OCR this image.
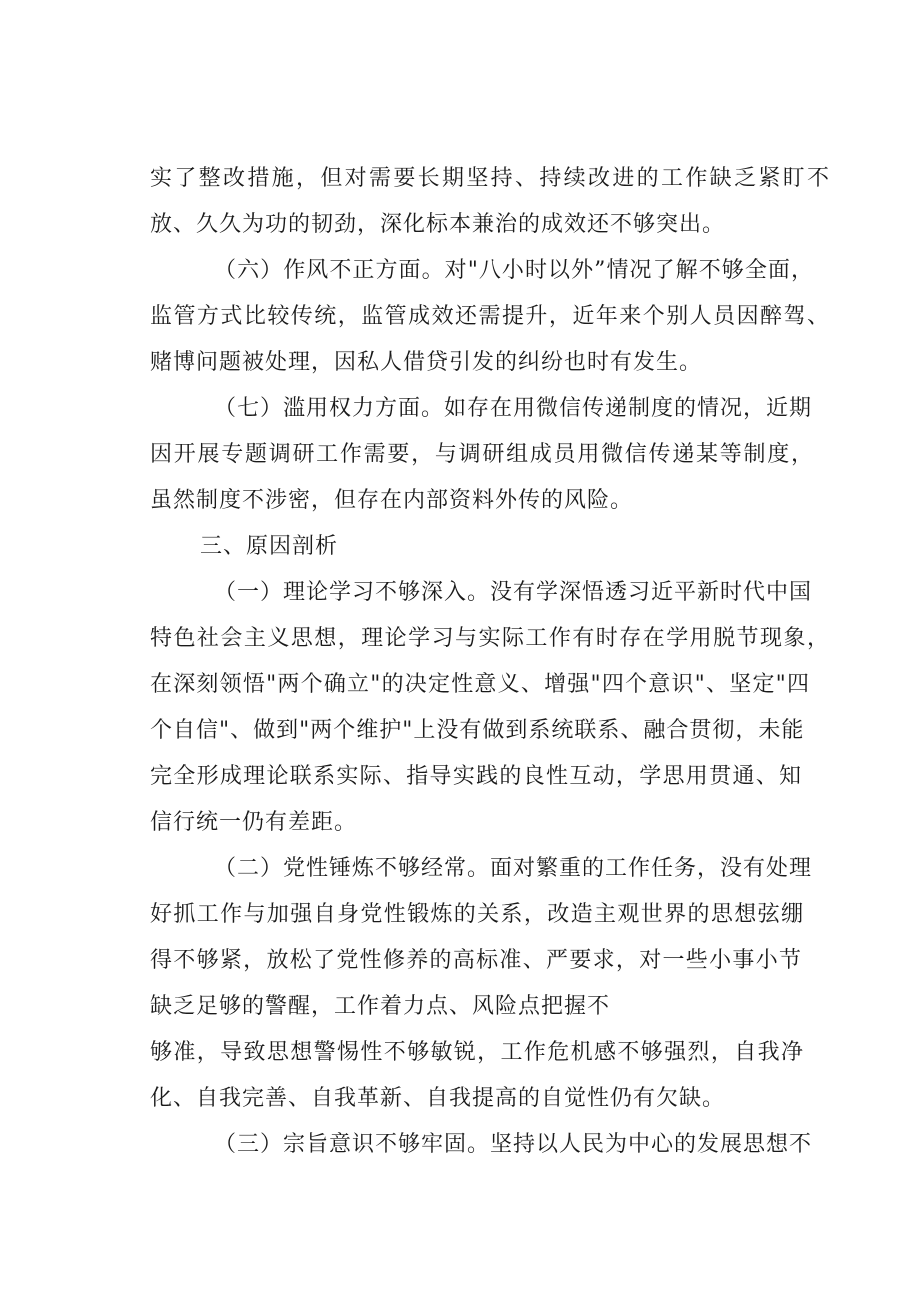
实了整改措施，但对需要长期坚持、持续改进的工作缺乏紧盯不
放、久久为功的韧劲，深化标本兼治的成效还不够突出。
（六）作风不正方面。对"八小时以外”情况了解不够全面，
监管方式比较传统，监管成效还需提升，近年来个别人员因醉驾、
赌博问题被处理，因私人借贷引发的纠纷也时有发生。
（七）滥用权力方面。如存在用微信传递制度的情况，近期
因开展专题调研工作需要，与调研组成员用微信传递某等制度，
虽然制度不涉密，但存在内部资料外传的风险。
三、原因剖析
（一）理论学习不够深入。没有学深悟透习近平新时代中国
特色社会主义思想，理论学习与实际工作有时存在学用脱节现象，
在深刻领悟"两个确立"的决定性意义、增强"四个意识"、坚定"四
个自信"、做到"两个维护"上没有做到系统联系、融合贯彻，未能
完全形成理论联系实际、指导实践的良性互动，学思用贯通、知
信行统一仍有差距。
（二）党性锤炼不够经常。面对繁重的工作任务，没有处理
好抓工作与加强自身党性锻炼的关系，改造主观世界的思想弦绷
得不够紧，放松了党性修养的高标准、严要求，对一些小事小节
缺乏足够的警醒，工作着力点、风险点把握不
够准，导致思想警惕性不够敏锐，工作危机感不够强烈，自我净
化、自我完善、自我革新、自我提高的自觉性仍有欠缺。
（三）宗旨意识不够牢固。坚持以人民为中心的发展思想不
